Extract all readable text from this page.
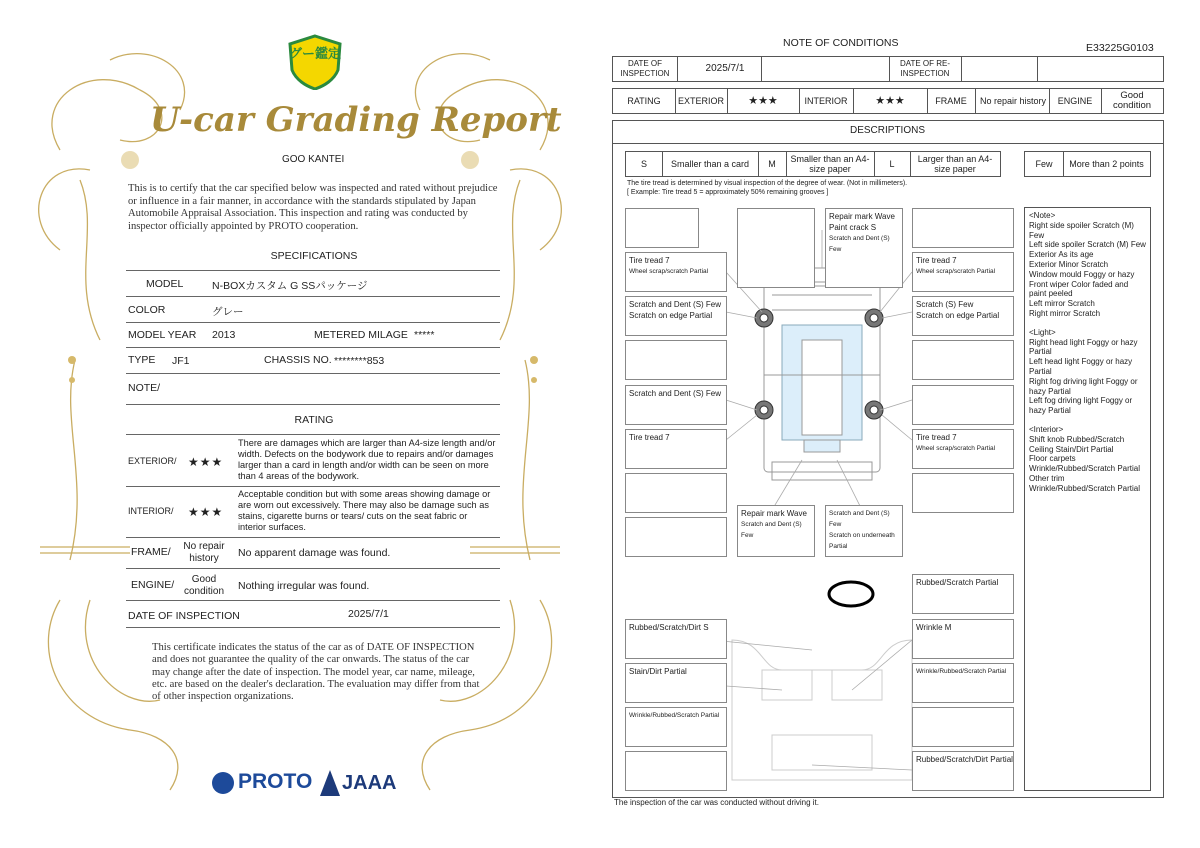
グー鑑定
U-car Grading Report
GOO KANTEI
This is to certify that the car specified below was inspected and rated without prejudice or influence in a fair manner, in accordance with the standards stipulated by Japan Automobile Appraisal Association. This inspection and rating was conducted by inspector officially appointed by PROTO cooperation.
SPECIFICATIONS
MODEL	N-BOXカスタム G SSパッケージ
COLOR	グレー
MODEL YEAR 2013	METERED MILAGE *****
TYPE JF1	CHASSIS NO. ********853
NOTE/
RATING
EXTERIOR/ ★★★
There are damages which are larger than A4-size length and/or width. Defects on the bodywork due to repairs and/or damages larger than a card in length and/or width can be seen on more than 4 areas of the bodywork.
INTERIOR/ ★★★
Acceptable condition but with some areas showing damage or are worn out excessively. There may also be damage such as stains, cigarette burns or tears/ cuts on the seat fabric or interior surfaces.
FRAME/	No repair history	No apparent damage was found.
ENGINE/	Good condition	Nothing irregular was found.
DATE OF INSPECTION	2025/7/1
This certificate indicates the status of the car as of DATE OF INSPECTION and does not guarantee the quality of the car onwards. The status of the car may change after the date of inspection. The model year, car name, mileage, etc. are based on the dealer's declaration. The evaluation may differ from that of other inspection organizations.
PROTO JAAA
NOTE OF CONDITIONS	E33225G0103
DATE OF INSPECTION	2025/7/1	DATE OF RE-INSPECTION
RATING	EXTERIOR	★★★	INTERIOR	★★★	FRAME	No repair history	ENGINE	Good condition
DESCRIPTIONS
S	Smaller than a card	M	Smaller than an A4-size paper	L	Larger than an A4-size paper	Few	More than 2 points
The tire tread is determined by visual inspection of the degree of wear. (Not in millimeters).
[ Example: Tire tread 5 = approximately 50% remaining grooves ]
Repair mark Wave
Paint crack S
Scratch and Dent (S) Few
Tire tread 7
Wheel scrap/scratch Partial
Tire tread 7
Wheel scrap/scratch Partial
Scratch and Dent (S) Few
Scratch on edge Partial
Scratch (S) Few
Scratch on edge Partial
Scratch and Dent (S) Few
Tire tread 7	Tire tread 7
Wheel scrap/scratch Partial
Repair mark Wave
Scratch and Dent (S) Few
Scratch and Dent (S) Few
Scratch on underneath Partial
Rubbed/Scratch Partial
Rubbed/Scratch/Dirt S	Wrinkle M
Stain/Dirt Partial	Wrinkle/Rubbed/Scratch Partial
Wrinkle/Rubbed/Scratch Partial
Rubbed/Scratch/Dirt Partial
<Note>
Right side spoiler Scratch (M) Few
Left side spoiler Scratch (M) Few
Exterior As its age
Exterior Minor Scratch
Window mould Foggy or hazy
Front wiper Color faded and paint peeled
Left mirror Scratch
Right mirror Scratch
<Light>
Right head light Foggy or hazy Partial
Left head light Foggy or hazy Partial
Right fog driving light Foggy or hazy Partial
Left fog driving light Foggy or hazy Partial
<Interior>
Shift knob Rubbed/Scratch
Ceiling Stain/Dirt Partial
Floor carpets
Wrinkle/Rubbed/Scratch Partial
Other trim
Wrinkle/Rubbed/Scratch Partial
The inspection of the car was conducted without driving it.
